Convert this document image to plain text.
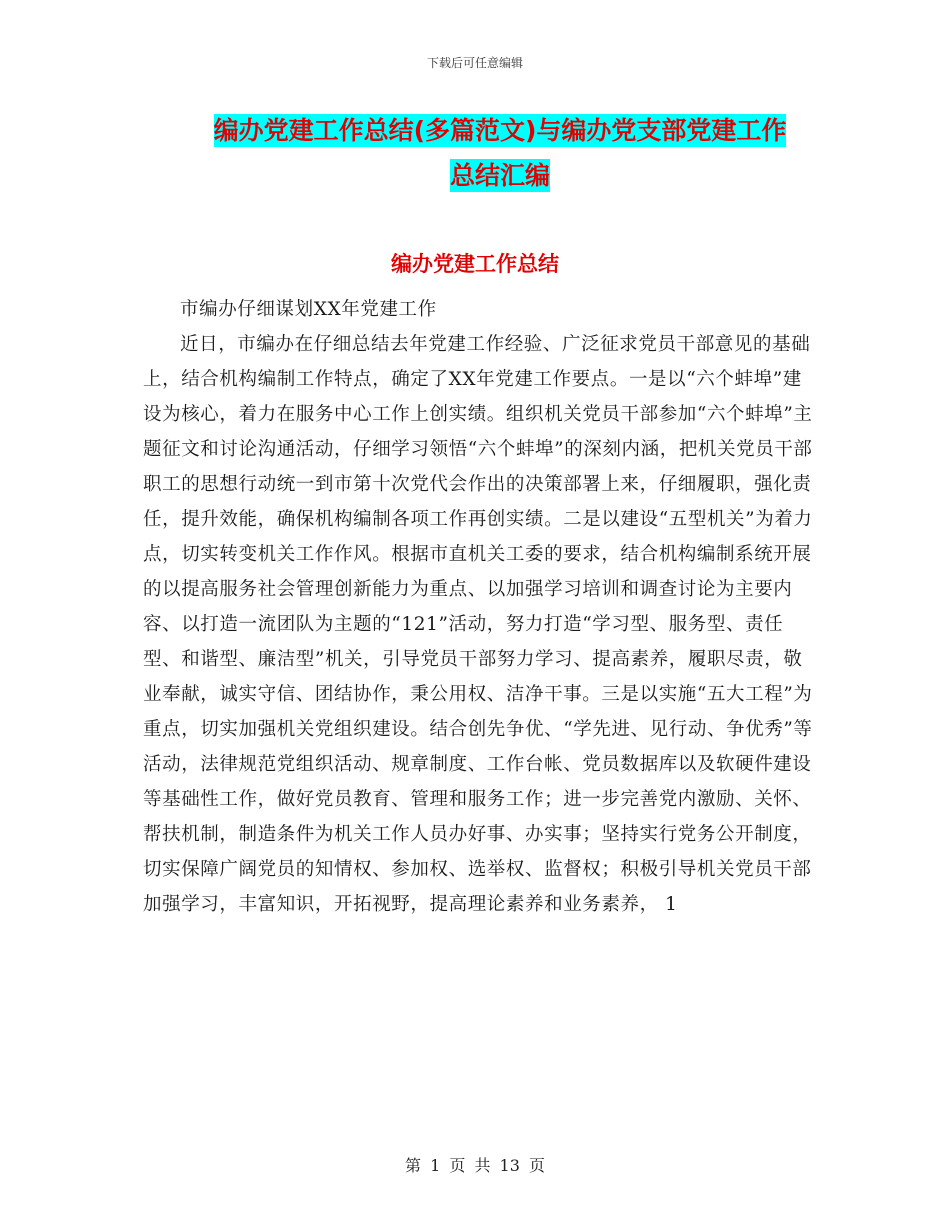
下载后可任意编辑
编办党建工作总结(多篇范文)与编办党支部党建工作
总结汇编
编办党建工作总结

市编办仔细谋划XX年党建工作

近日，市编办在仔细总结去年党建工作经验、广泛征求党员干部意见的基础上，结合机构编制工作特点，确定了XX年党建工作要点。一是以“六个蚌埠”建设为核心，着力在服务中心工作上创实绩。组织机关党员干部参加“六个蚌埠”主题征文和讨论沟通活动，仔细学习领悟“六个蚌埠”的深刻内涵，把机关党员干部职工的思想行动统一到市第十次党代会作出的决策部署上来，仔细履职，强化责任，提升效能，确保机构编制各项工作再创实绩。二是以建设“五型机关”为着力点，切实转变机关工作作风。根据市直机关工委的要求，结合机构编制系统开展的以提高服务社会管理创新能力为重点、以加强学习培训和调查讨论为主要内容、以打造一流团队为主题的“121”活动，努力打造“学习型、服务型、责任型、和谐型、廉洁型”机关，引导党员干部努力学习、提高素养，履职尽责，敬业奉献，诚实守信、团结协作，秉公用权、洁净干事。三是以实施“五大工程”为重点，切实加强机关党组织建设。结合创先争优、“学先进、见行动、争优秀”等活动，法律规范党组织活动、规章制度、工作台帐、党员数据库以及软硬件建设等基础性工作，做好党员教育、管理和服务工作；进一步完善党内激励、关怀、帮扶机制，制造条件为机关工作人员办好事、办实事；坚持实行党务公开制度，切实保障广阔党员的知情权、参加权、选举权、监督权；积极引导机关党员干部加强学习，丰富知识，开拓视野，提高理论素养和业务素养， 1

第 1 页 共 13 页
